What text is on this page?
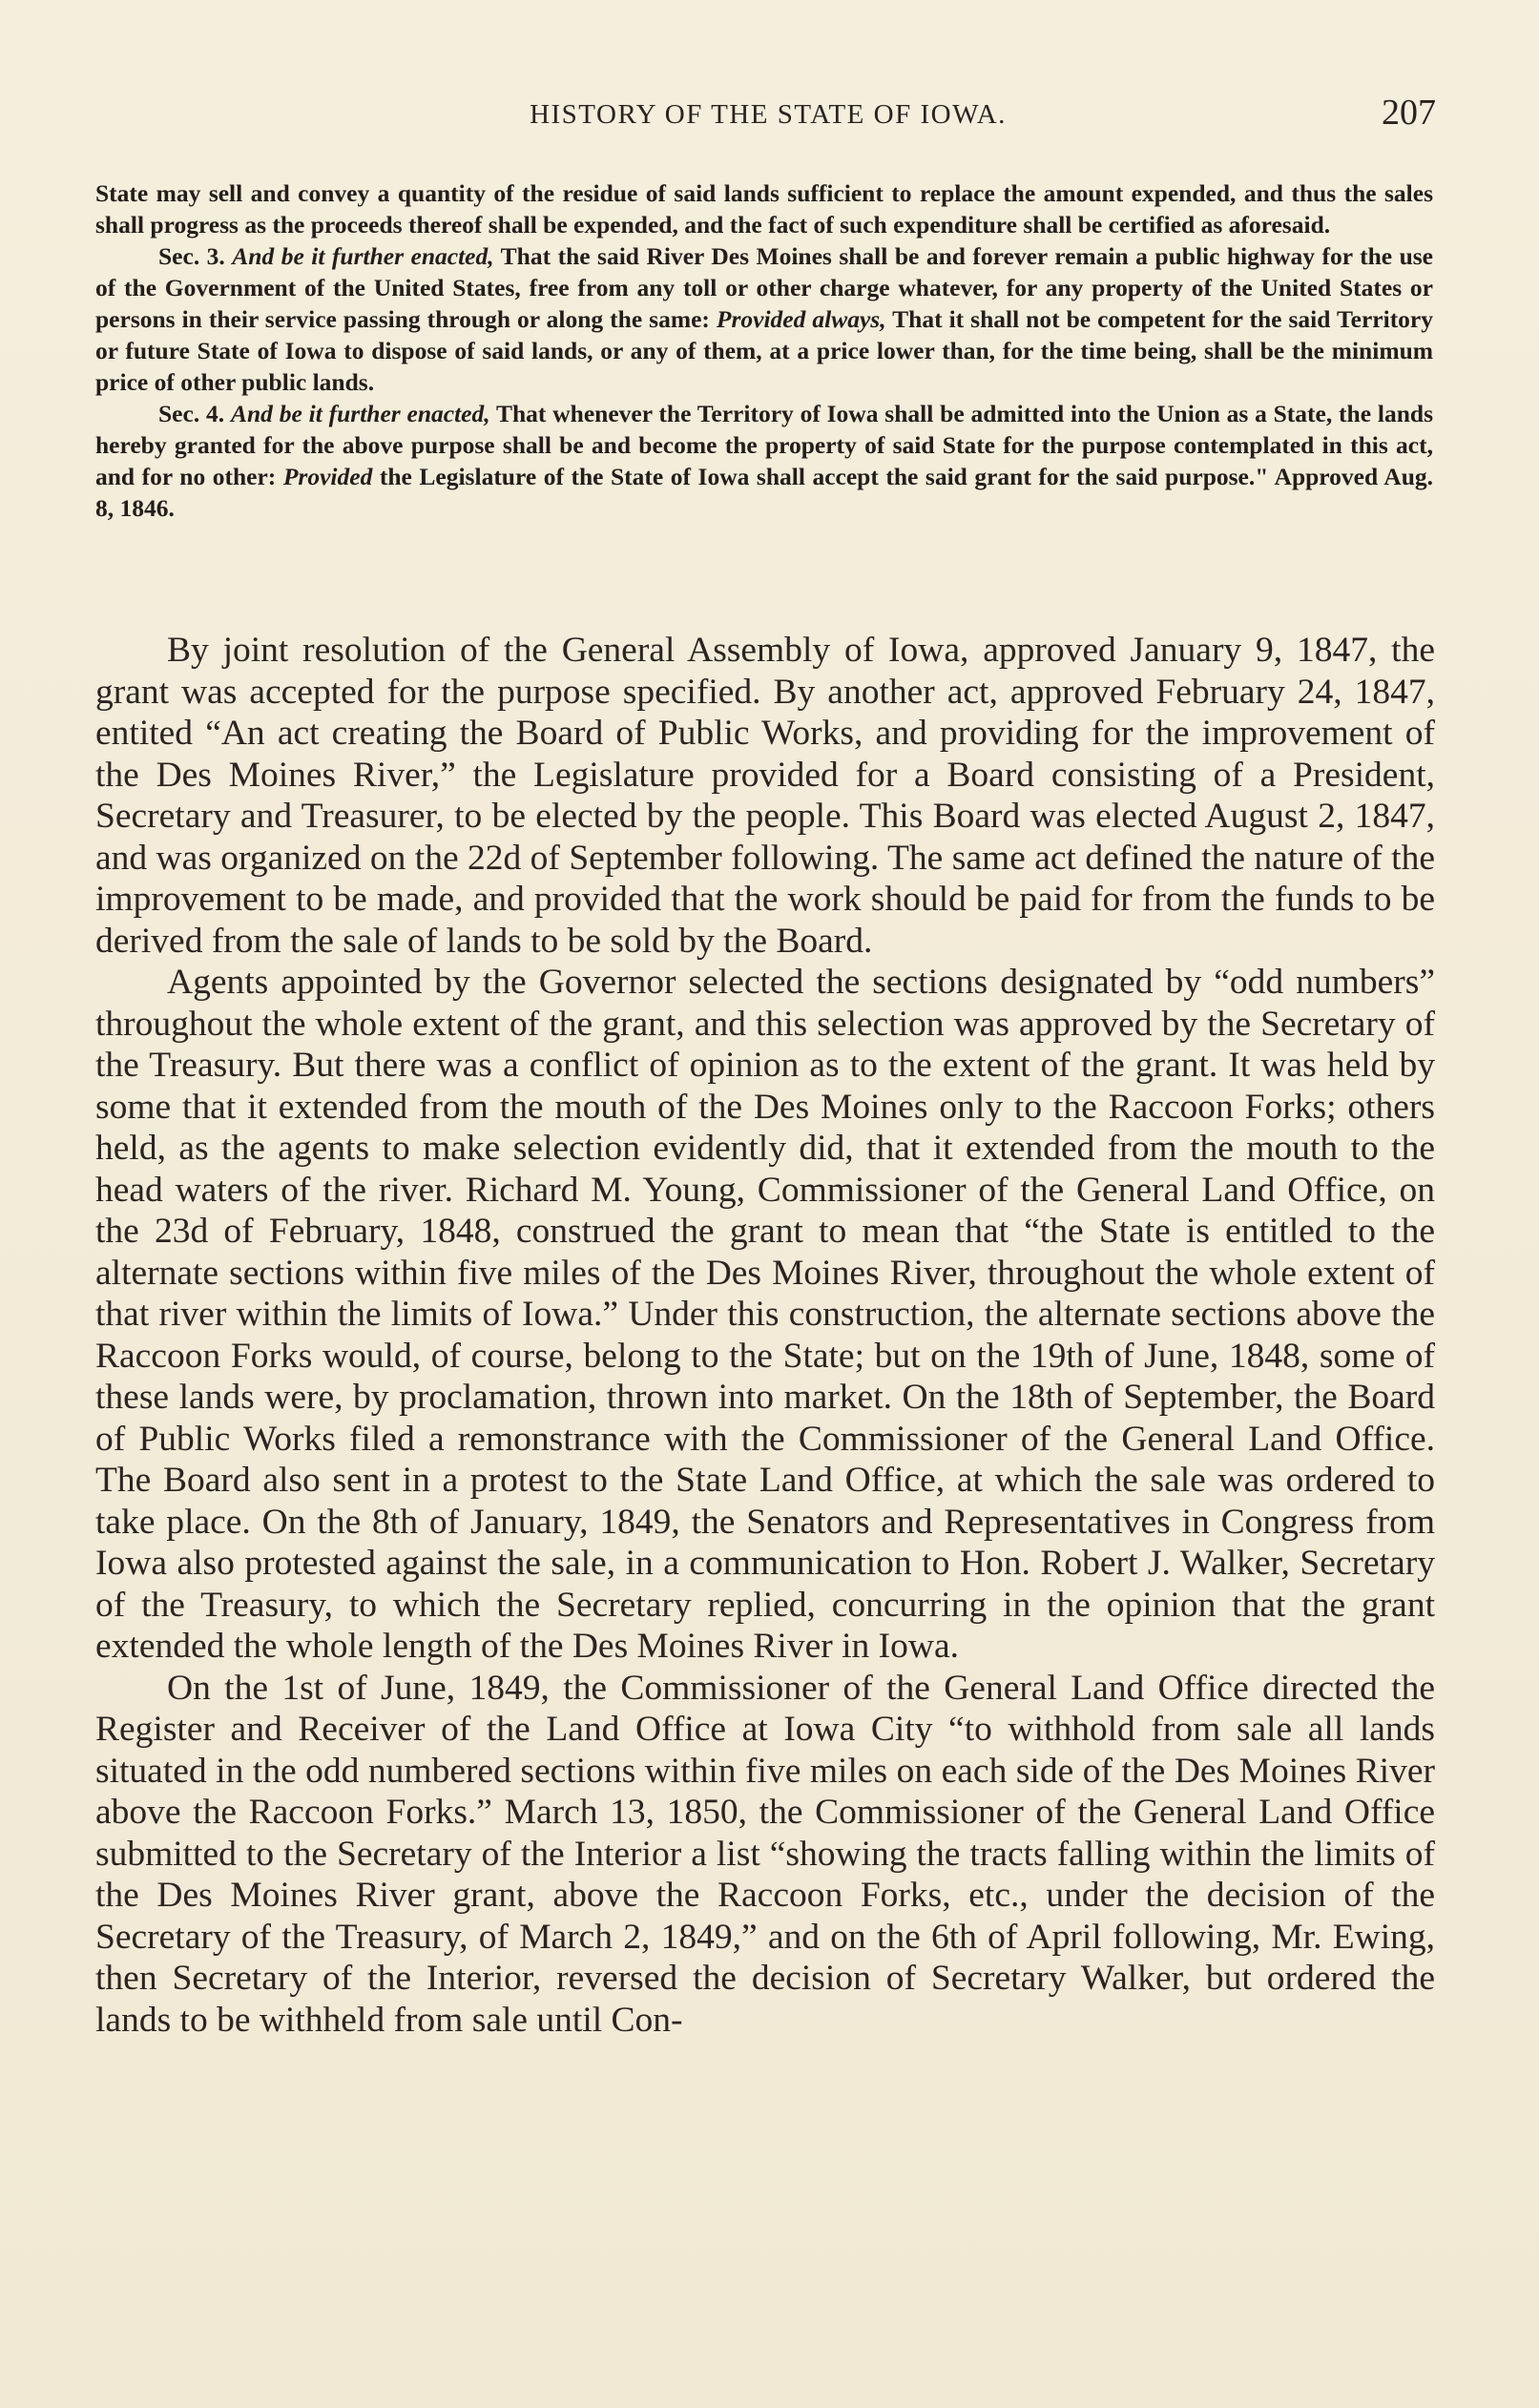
HISTORY OF THE STATE OF IOWA.	207

State may sell and convey a quantity of the residue of said lands sufficient to replace the amount expended, and thus the sales shall progress as the proceeds thereof shall be expended, and the fact of such expenditure shall be certified as aforesaid.

Sec. 3. And be it further enacted, That the said River Des Moines shall be and forever remain a public highway for the use of the Government of the United States, free from any toll or other charge whatever, for any property of the United States or persons in their service passing through or along the same: Provided always, That it shall not be competent for the said Territory or future State of Iowa to dispose of said lands, or any of them, at a price lower than, for the time being, shall be the minimum price of other public lands.

Sec. 4. And be it further enacted, That whenever the Territory of Iowa shall be admitted into the Union as a State, the lands hereby granted for the above purpose shall be and become the property of said State for the purpose contemplated in this act, and for no other: Provided the Legislature of the State of Iowa shall accept the said grant for the said purpose." Approved Aug. 8, 1846.

By joint resolution of the General Assembly of Iowa, approved January 9, 1847, the grant was accepted for the purpose specified. By another act, approved February 24, 1847, entited “An act creating the Board of Public Works, and providing for the improvement of the Des Moines River,” the Legislature provided for a Board consisting of a President, Secretary and Treasurer, to be elected by the people. This Board was elected August 2, 1847, and was organized on the 22d of September following. The same act defined the nature of the improvement to be made, and provided that the work should be paid for from the funds to be derived from the sale of lands to be sold by the Board.

Agents appointed by the Governor selected the sections designated by “odd numbers” throughout the whole extent of the grant, and this selection was approved by the Secretary of the Treasury. But there was a conflict of opinion as to the extent of the grant. It was held by some that it extended from the mouth of the Des Moines only to the Raccoon Forks; others held, as the agents to make selection evidently did, that it extended from the mouth to the head waters of the river. Richard M. Young, Commissioner of the General Land Office, on the 23d of February, 1848, construed the grant to mean that “the State is entitled to the alternate sections within five miles of the Des Moines River, throughout the whole extent of that river within the limits of Iowa.” Under this construction, the alternate sections above the Raccoon Forks would, of course, belong to the State; but on the 19th of June, 1848, some of these lands were, by proclamation, thrown into market. On the 18th of September, the Board of Public Works filed a remonstrance with the Commissioner of the General Land Office. The Board also sent in a protest to the State Land Office, at which the sale was ordered to take place. On the 8th of January, 1849, the Senators and Representatives in Congress from Iowa also protested against the sale, in a communication to Hon. Robert J. Walker, Secretary of the Treasury, to which the Secretary replied, concurring in the opinion that the grant extended the whole length of the Des Moines River in Iowa.

On the 1st of June, 1849, the Commissioner of the General Land Office directed the Register and Receiver of the Land Office at Iowa City “to withhold from sale all lands situated in the odd numbered sections within five miles on each side of the Des Moines River above the Raccoon Forks.” March 13, 1850, the Commissioner of the General Land Office submitted to the Secretary of the Interior a list “showing the tracts falling within the limits of the Des Moines River grant, above the Raccoon Forks, etc., under the decision of the Secretary of the Treasury, of March 2, 1849,” and on the 6th of April following, Mr. Ewing, then Secretary of the Interior, reversed the decision of Secretary Walker, but ordered the lands to be withheld from sale until Con-
